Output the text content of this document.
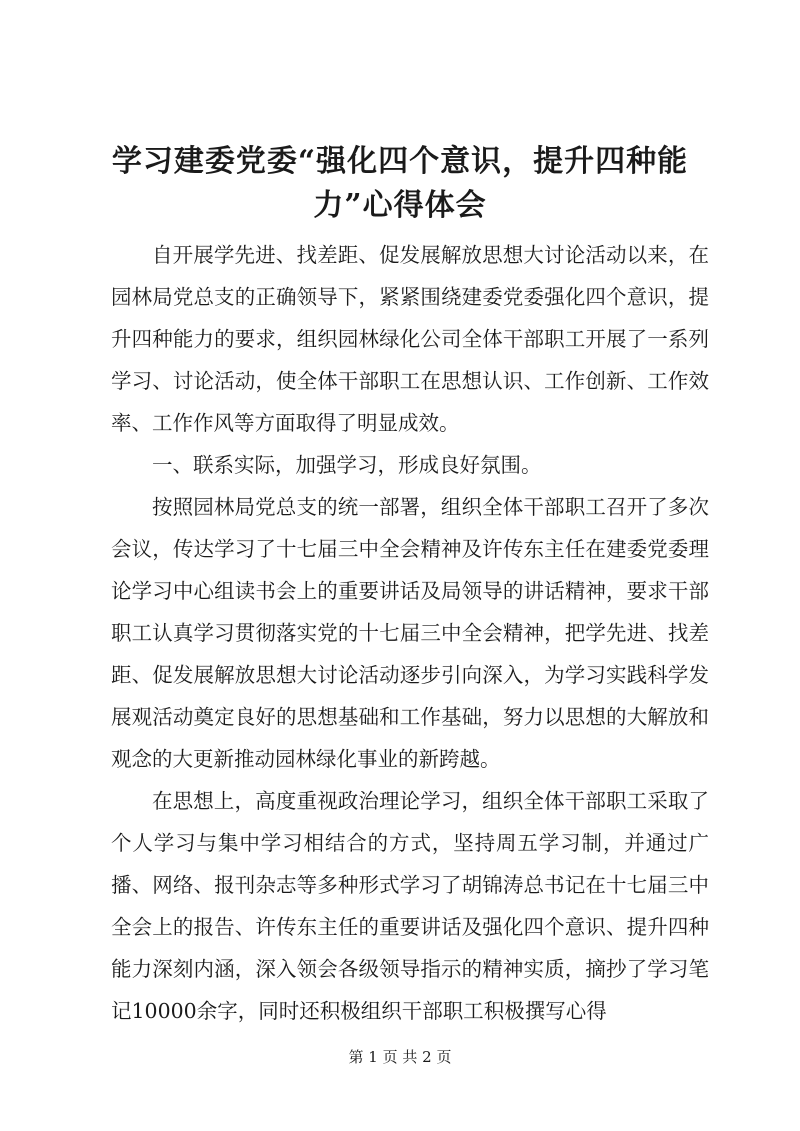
学习建委党委“强化四个意识，提升四种能
力”心得体会

自开展学先进、找差距、促发展解放思想大讨论活动以来，在园林局党总支的正确领导下，紧紧围绕建委党委强化四个意识，提升四种能力的要求，组织园林绿化公司全体干部职工开展了一系列学习、讨论活动，使全体干部职工在思想认识、工作创新、工作效率、工作作风等方面取得了明显成效。

一、联系实际，加强学习，形成良好氛围。

按照园林局党总支的统一部署，组织全体干部职工召开了多次会议，传达学习了十七届三中全会精神及许传东主任在建委党委理论学习中心组读书会上的重要讲话及局领导的讲话精神，要求干部职工认真学习贯彻落实党的十七届三中全会精神，把学先进、找差距、促发展解放思想大讨论活动逐步引向深入，为学习实践科学发展观活动奠定良好的思想基础和工作基础，努力以思想的大解放和观念的大更新推动园林绿化事业的新跨越。

在思想上，高度重视政治理论学习，组织全体干部职工采取了个人学习与集中学习相结合的方式，坚持周五学习制，并通过广播、网络、报刊杂志等多种形式学习了胡锦涛总书记在十七届三中全会上的报告、许传东主任的重要讲话及强化四个意识、提升四种能力深刻内涵，深入领会各级领导指示的精神实质，摘抄了学习笔记10000余字，同时还积极组织干部职工积极撰写心得

第 1 页 共 2 页
